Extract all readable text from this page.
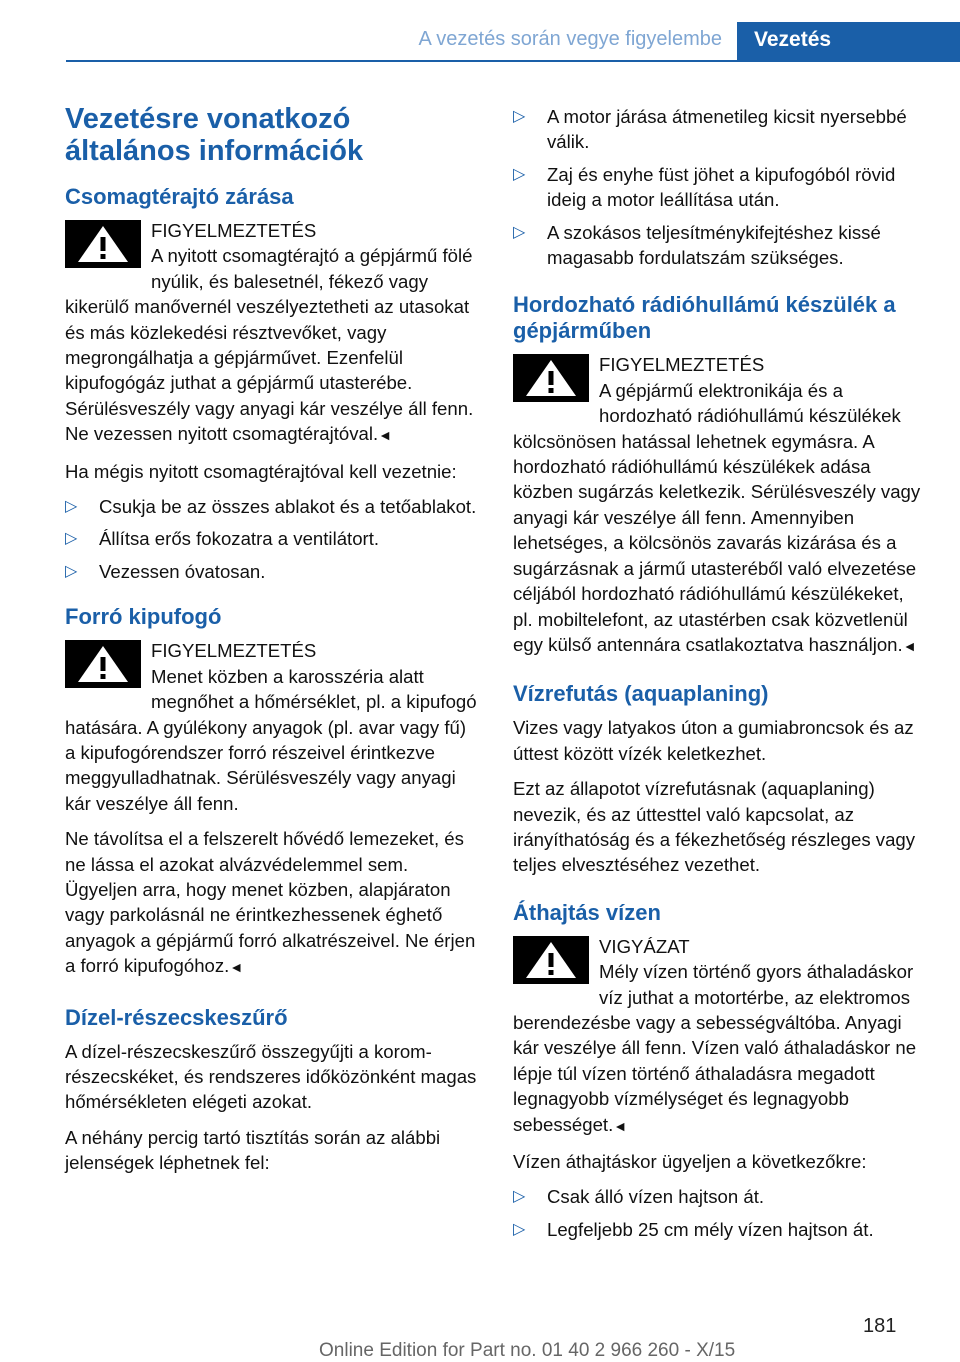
A vezetés során vegye figyelembe	Vezetés
Vezetésre vonatkozó általános információk
Csomagtérajtó zárása
FIGYELMEZTETÉS
A nyitott csomagtérajtó a gépjármű fölé nyúlik, és balesetnél, fékező vagy kikerülő manővernél veszélyeztetheti az utasokat és más közlekedési résztvevőket, vagy megrongálhatja a gépjárművet. Ezenfelül kipufogógáz juthat a gépjármű utasterébe. Sérülésveszély vagy anyagi kár veszélye áll fenn. Ne vezessen nyitott csomagtérajtóval.◄

Ha mégis nyitott csomagtérajtóval kell vezetnie:

▷ Csukja be az összes ablakot és a tetőablakot.
▷ Állítsa erős fokozatra a ventilátort.
▷ Vezessen óvatosan.
Forró kipufogó
FIGYELMEZTETÉS
Menet közben a karosszéria alatt megnőhet a hőmérséklet, pl. a kipufogó hatására. A gyúlékony anyagok (pl. avar vagy fű) a kipufogórendszer forró részeivel érintkezve meggyulladhatnak. Sérülésveszély vagy anyagi kár veszélye áll fenn.

Ne távolítsa el a felszerelt hővédő lemezeket, és ne lássa el azokat alvázvédelemmel sem. Ügyeljen arra, hogy menet közben, alapjáraton vagy parkolásnál ne érintkezhessenek éghető anyagok a gépjármű forró alkatrészeivel. Ne érjen a forró kipufogóhoz.◄

Dízel-részecskeszűrő

A dízel-részecskeszűrő összegyűjti a koromrészecskéket, és rendszeres időközönként magas hőmérsékleten elégeti azokat.

A néhány percig tartó tisztítás során az alábbi jelenségek léphetnek fel:

▷ A motor járása átmenetileg kicsit nyersebbé válik.
▷ Zaj és enyhe füst jöhet a kipufogóból rövid ideig a motor leállítása után.
▷ A szokásos teljesítménykifejtéshez kissé magasabb fordulatszám szükséges.
Hordozható rádióhullámú készülék a gépjárműben
FIGYELMEZTETÉS
A gépjármű elektronikája és a hordozható rádióhullámú készülékek kölcsönösen hatással lehetnek egymásra. A hordozható rádióhullámú készülékek adása közben sugárzás keletkezik. Sérülésveszély vagy anyagi kár veszélye áll fenn. Amennyiben lehetséges, a kölcsönös zavarás kizárása és a sugárzásnak a jármű utasteréből való elvezetése céljából hordozható rádióhullámú készülékeket, pl. mobiltelefont, az utastérben csak közvetlenül egy külső antennára csatlakoztatva használjon.◄
Vízrefutás (aquaplaning)

Vizes vagy latyakos úton a gumiabroncsok és az úttest között vízék keletkezhet.

Ezt az állapotot vízrefutásnak (aquaplaning) nevezik, és az úttesttel való kapcsolat, az irányíthatóság és a fékezhetőség részleges vagy teljes elvesztéséhez vezethet.

Áthajtás vízen
VIGYÁZAT
Mély vízen történő gyors áthaladáskor víz juthat a motortérbe, az elektromos berendezésbe vagy a sebességváltóba. Anyagi kár veszélye áll fenn. Vízen való áthaladáskor ne lépje túl vízen történő áthaladásra megadott legnagyobb vízmélységet és legnagyobb sebességet.◄

Vízen áthajtáskor ügyeljen a következőkre:

▷ Csak álló vízen hajtson át.
▷ Legfeljebb 25 cm mély vízen hajtson át.
181
Online Edition for Part no. 01 40 2 966 260 - X/15
